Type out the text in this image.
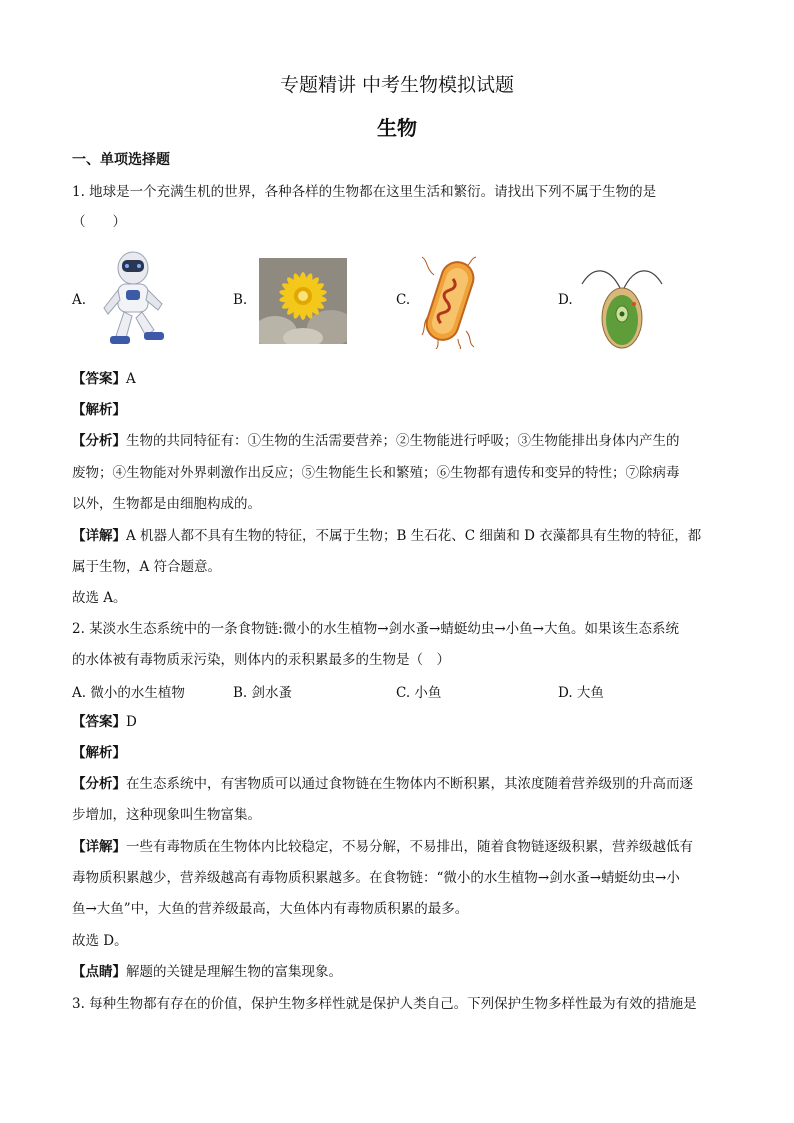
专题精讲 中考生物模拟试题
生物
一、单项选择题
1. 地球是一个充满生机的世界，各种各样的生物都在这里生活和繁衍。请找出下列不属于生物的是
（　　）
A.	B.	C.	D.
【答案】A
【解析】
【分析】生物的共同特征有：①生物的生活需要营养；②生物能进行呼吸；③生物能排出身体内产生的
废物；④生物能对外界刺激作出反应；⑤生物能生长和繁殖；⑥生物都有遗传和变异的特性；⑦除病毒
以外，生物都是由细胞构成的。
【详解】A 机器人都不具有生物的特征，不属于生物；B 生石花、C 细菌和 D 衣藻都具有生物的特征，都
属于生物，A 符合题意。
故选 A。
2. 某淡水生态系统中的一条食物链:微小的水生植物→剑水蚤→蜻蜓幼虫→小鱼→大鱼。如果该生态系统
的水体被有毒物质汞污染，则体内的汞积累最多的生物是（　）
A. 微小的水生植物	B. 剑水蚤	C. 小鱼	D. 大鱼
【答案】D
【解析】
【分析】在生态系统中，有害物质可以通过食物链在生物体内不断积累，其浓度随着营养级别的升高而逐
步增加，这种现象叫生物富集。
【详解】一些有毒物质在生物体内比较稳定，不易分解，不易排出，随着食物链逐级积累，营养级越低有
毒物质积累越少，营养级越高有毒物质积累越多。在食物链：“微小的水生植物→剑水蚤→蜻蜓幼虫→小
鱼→大鱼”中，大鱼的营养级最高，大鱼体内有毒物质积累的最多。
故选 D。
【点睛】解题的关键是理解生物的富集现象。
3. 每种生物都有存在的价值，保护生物多样性就是保护人类自己。下列保护生物多样性最为有效的措施是
